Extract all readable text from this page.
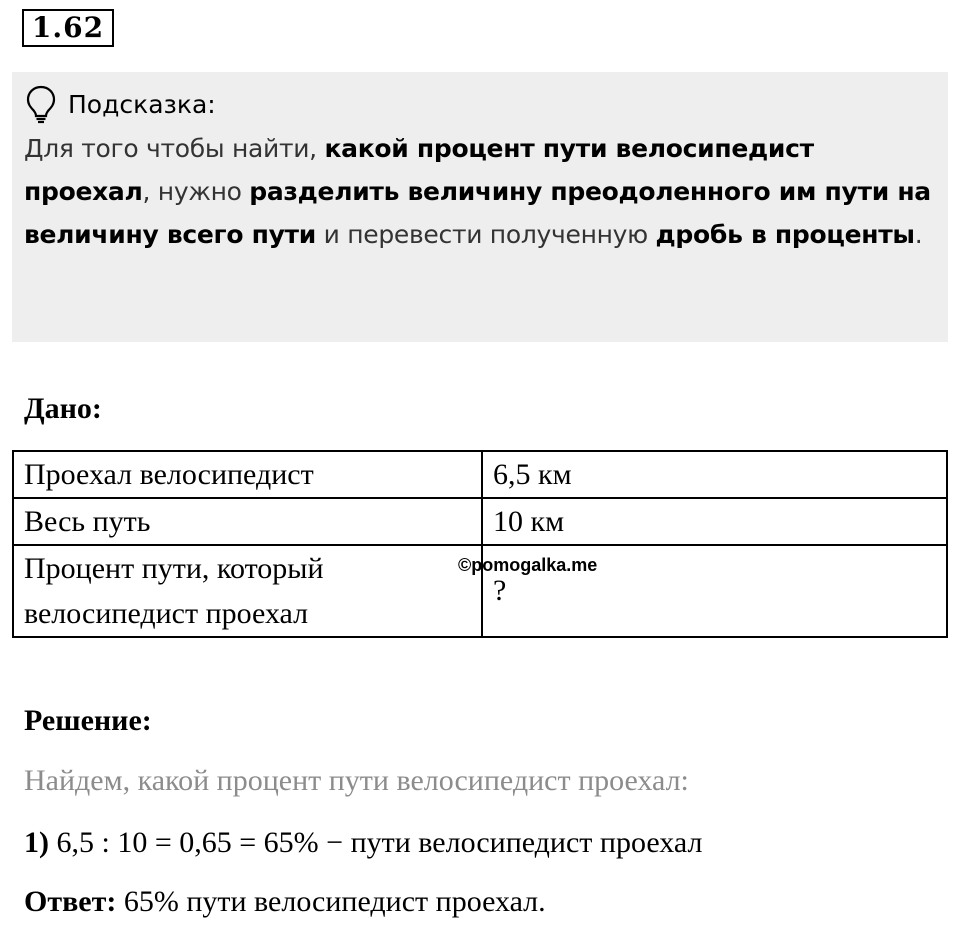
1.62
Подсказка:
Для того чтобы найти, какой процент пути велосипедист проехал, нужно разделить величину преодоленного им пути на величину всего пути и перевести полученную дробь в проценты.
Дано:
Проехал велосипедист	6,5 км
Весь путь	10 км
Процент пути, который велосипедист проехал	?
©pomogalka.me
Решение:
Найдем, какой процент пути велосипедист проехал:
1) 6,5 : 10 = 0,65 = 65% − пути велосипедист проехал
Ответ: 65% пути велосипедист проехал.
